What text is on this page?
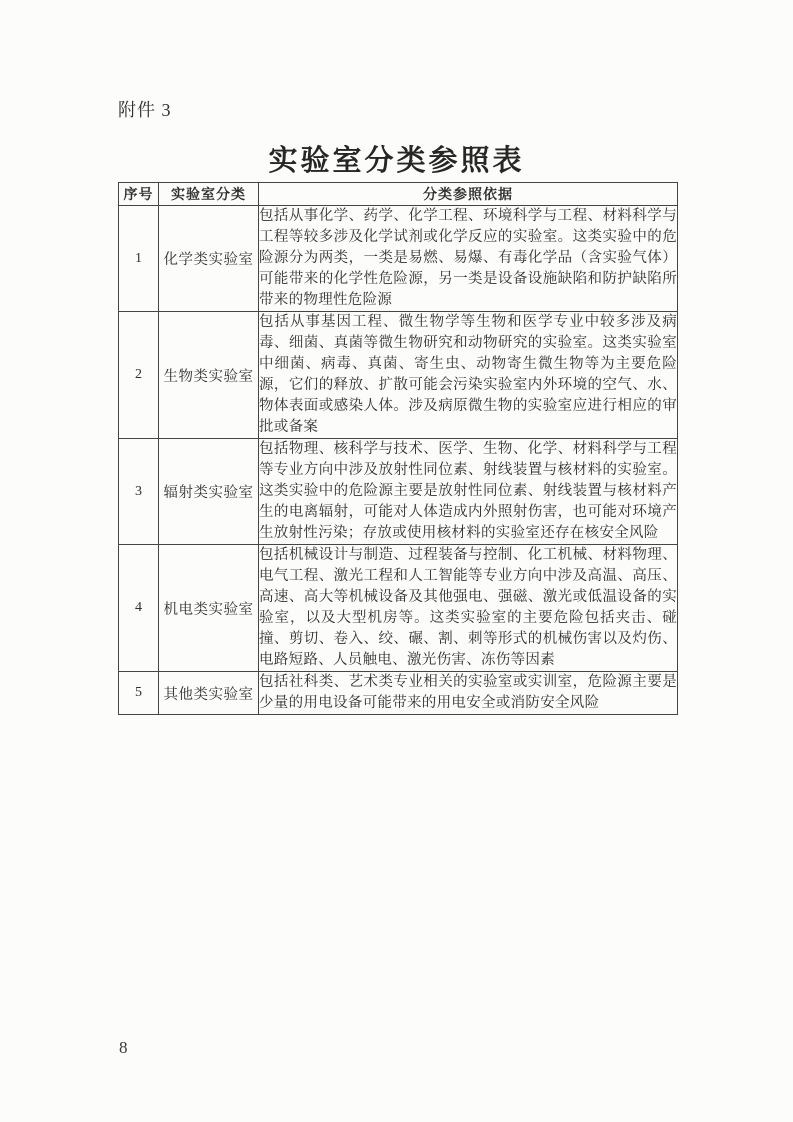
附件 3
实验室分类参照表
序号	实验室分类	分类参照依据
1	化学类实验室	包括从事化学、药学、化学工程、环境科学与工程、材料科学与工程等较多涉及化学试剂或化学反应的实验室。这类实验中的危险源分为两类，一类是易燃、易爆、有毒化学品（含实验气体）可能带来的化学性危险源，另一类是设备设施缺陷和防护缺陷所带来的物理性危险源
2	生物类实验室	包括从事基因工程、微生物学等生物和医学专业中较多涉及病毒、细菌、真菌等微生物研究和动物研究的实验室。这类实验室中细菌、病毒、真菌、寄生虫、动物寄生微生物等为主要危险源，它们的释放、扩散可能会污染实验室内外环境的空气、水、物体表面或感染人体。涉及病原微生物的实验室应进行相应的审批或备案
3	辐射类实验室	包括物理、核科学与技术、医学、生物、化学、材料科学与工程等专业方向中涉及放射性同位素、射线装置与核材料的实验室。这类实验中的危险源主要是放射性同位素、射线装置与核材料产生的电离辐射，可能对人体造成内外照射伤害，也可能对环境产生放射性污染；存放或使用核材料的实验室还存在核安全风险
4	机电类实验室	包括机械设计与制造、过程装备与控制、化工机械、材料物理、电气工程、激光工程和人工智能等专业方向中涉及高温、高压、高速、高大等机械设备及其他强电、强磁、激光或低温设备的实验室，以及大型机房等。这类实验室的主要危险包括夹击、碰撞、剪切、卷入、绞、碾、割、刺等形式的机械伤害以及灼伤、电路短路、人员触电、激光伤害、冻伤等因素
5	其他类实验室	包括社科类、艺术类专业相关的实验室或实训室，危险源主要是少量的用电设备可能带来的用电安全或消防安全风险
8
